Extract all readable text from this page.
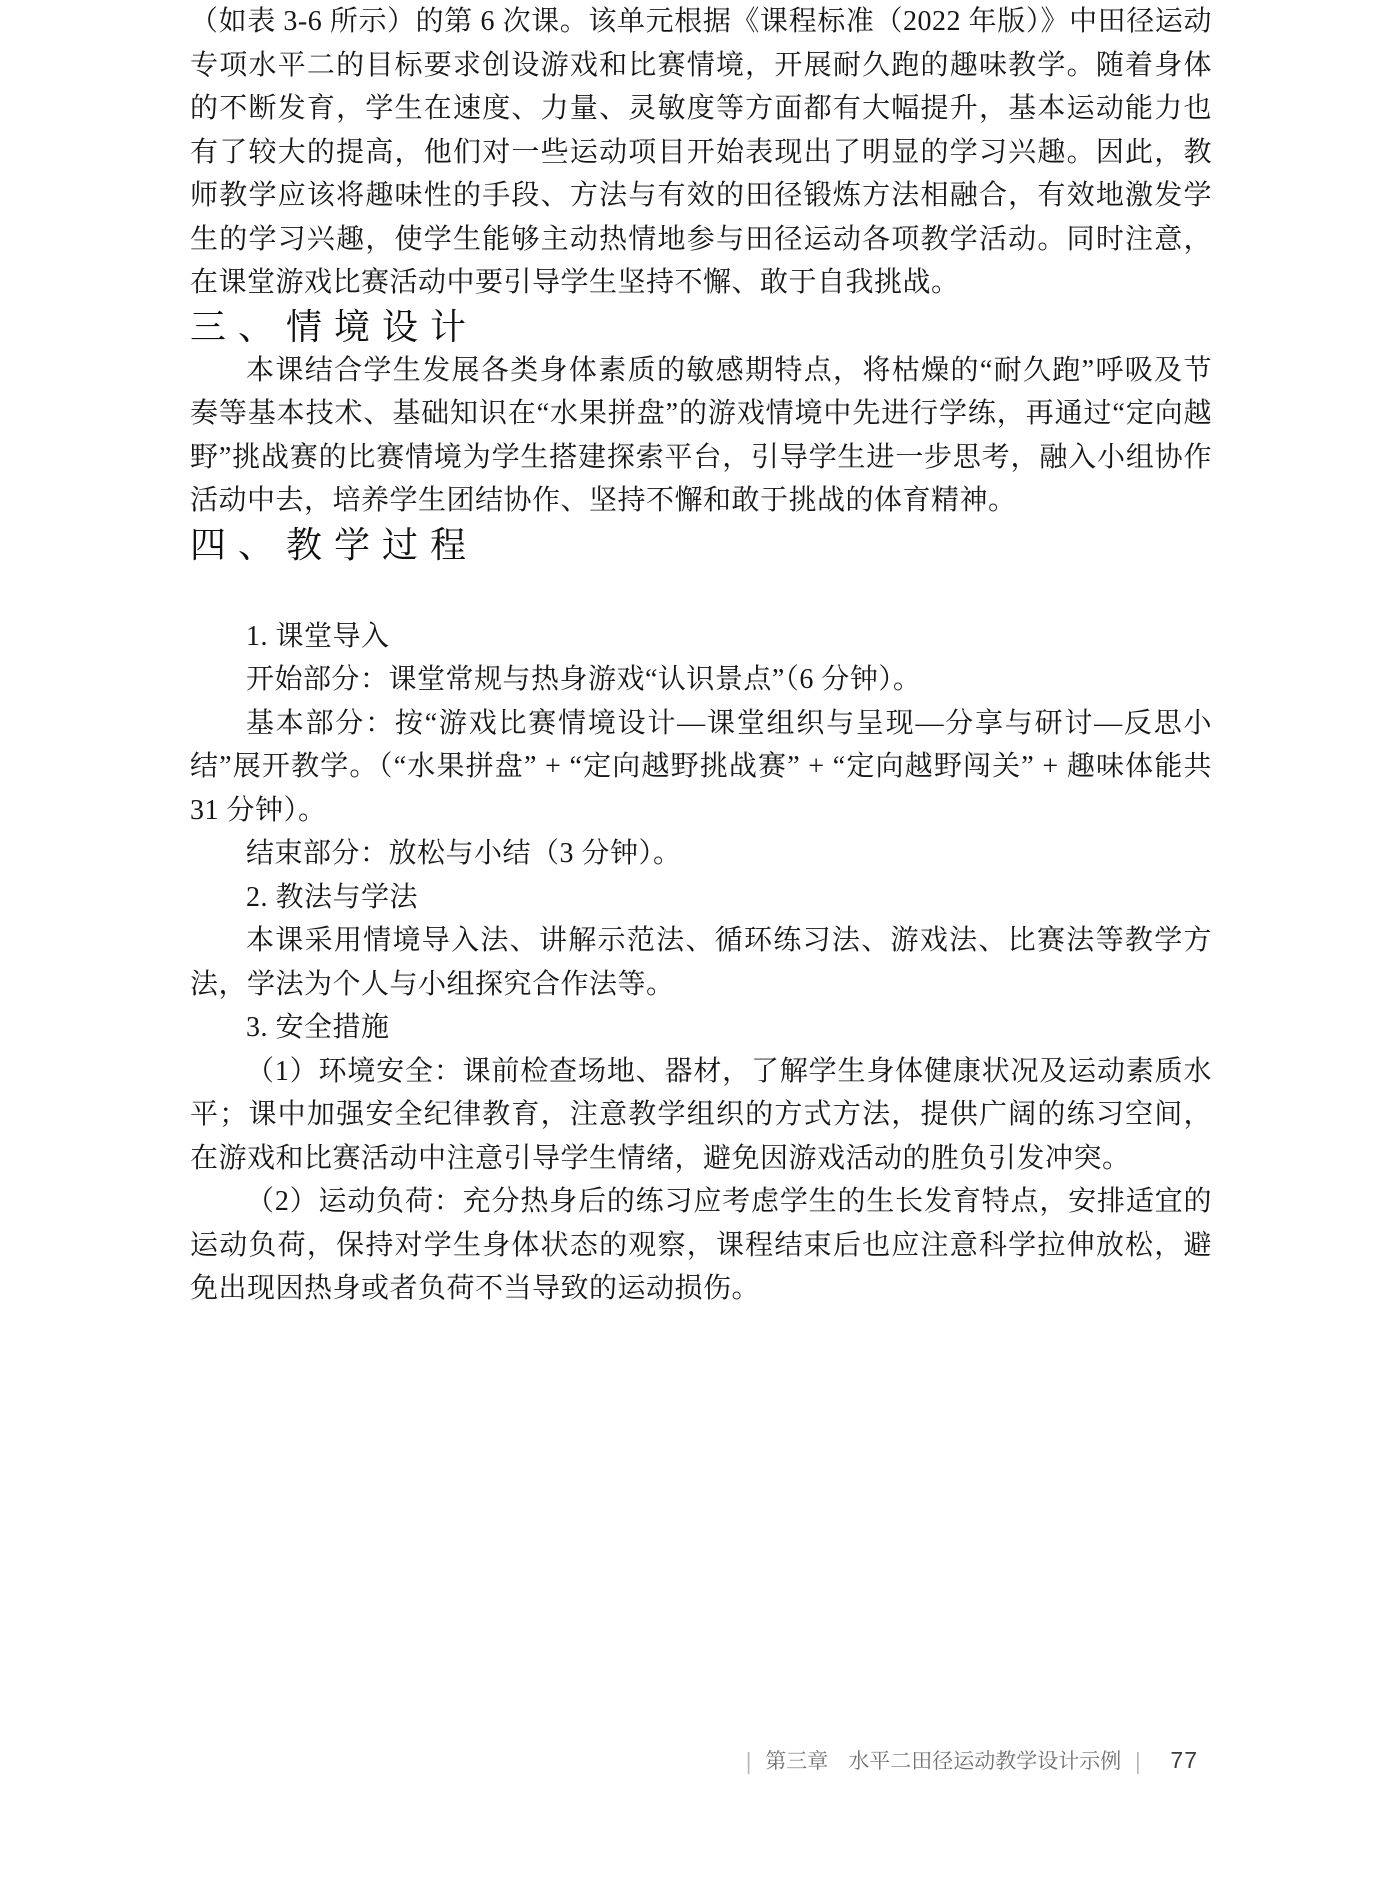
（如表 3-6 所示）的第 6 次课。该单元根据《课程标准（2022 年版）》中田径运动专项水平二的目标要求创设游戏和比赛情境，开展耐久跑的趣味教学。随着身体的不断发育，学生在速度、力量、灵敏度等方面都有大幅提升，基本运动能力也有了较大的提高，他们对一些运动项目开始表现出了明显的学习兴趣。因此，教师教学应该将趣味性的手段、方法与有效的田径锻炼方法相融合，有效地激发学生的学习兴趣，使学生能够主动热情地参与田径运动各项教学活动。同时注意，在课堂游戏比赛活动中要引导学生坚持不懈、敢于自我挑战。

三、情境设计

本课结合学生发展各类身体素质的敏感期特点，将枯燥的“耐久跑”呼吸及节奏等基本技术、基础知识在“水果拼盘”的游戏情境中先进行学练，再通过“定向越野”挑战赛的比赛情境为学生搭建探索平台，引导学生进一步思考，融入小组协作活动中去，培养学生团结协作、坚持不懈和敢于挑战的体育精神。

四、教学过程

1. 课堂导入

开始部分：课堂常规与热身游戏“认识景点”（6 分钟）。

基本部分：按“游戏比赛情境设计—课堂组织与呈现—分享与研讨—反思小结”展开教学。（“水果拼盘” + “定向越野挑战赛” + “定向越野闯关” + 趣味体能共 31 分钟）。

结束部分：放松与小结（3 分钟）。

2. 教法与学法

本课采用情境导入法、讲解示范法、循环练习法、游戏法、比赛法等教学方法，学法为个人与小组探究合作法等。

3. 安全措施

（1）环境安全：课前检查场地、器材，了解学生身体健康状况及运动素质水平；课中加强安全纪律教育，注意教学组织的方式方法，提供广阔的练习空间，在游戏和比赛活动中注意引导学生情绪，避免因游戏活动的胜负引发冲突。

（2）运动负荷：充分热身后的练习应考虑学生的生长发育特点，安排适宜的运动负荷，保持对学生身体状态的观察，课程结束后也应注意科学拉伸放松，避免出现因热身或者负荷不当导致的运动损伤。

| 第三章 水平二田径运动教学设计示例 | 77
